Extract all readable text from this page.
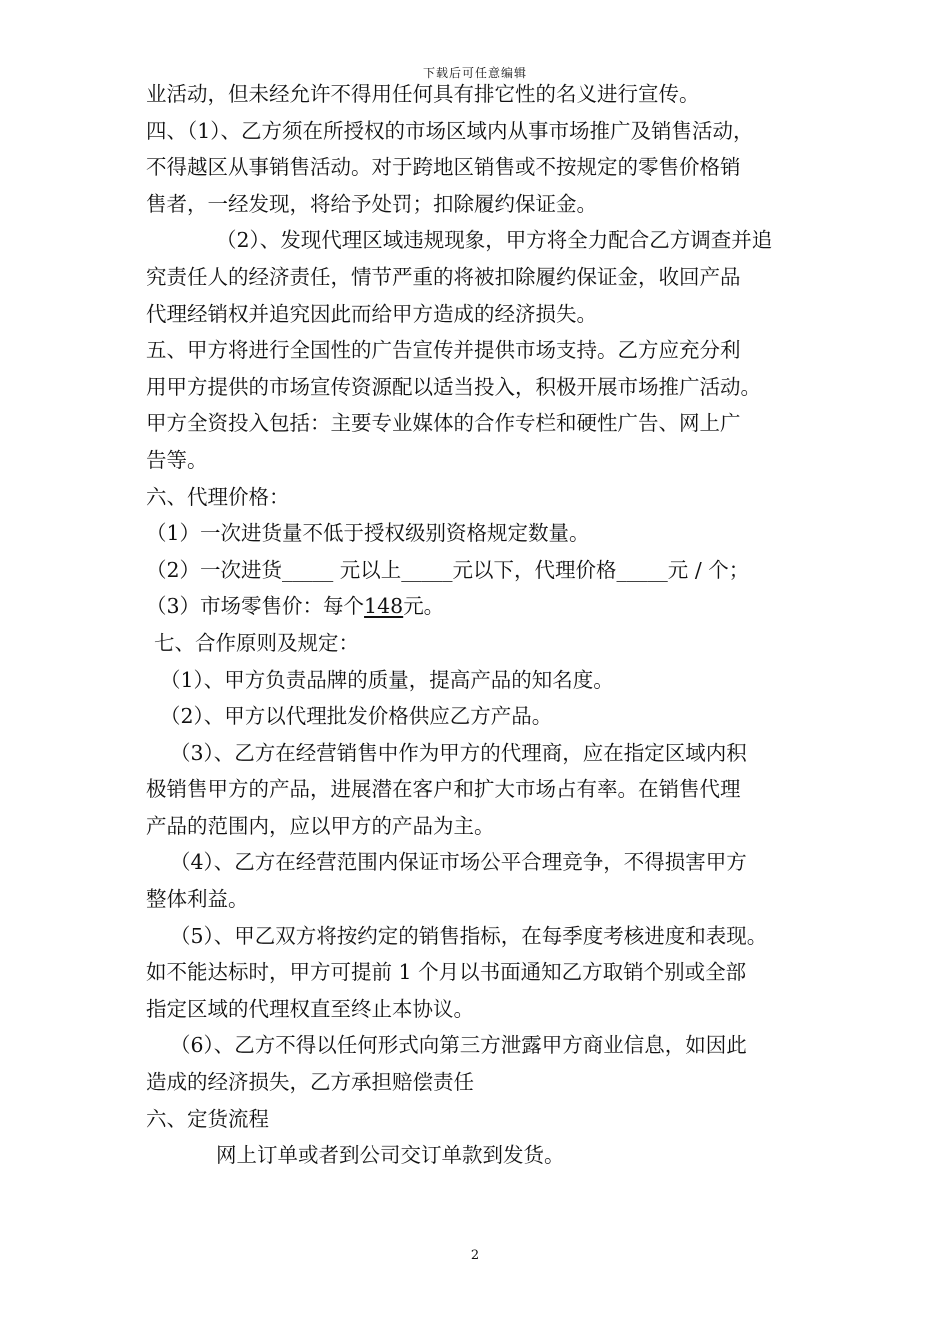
下载后可任意编辑
业活动，但未经允许不得用任何具有排它性的名义进行宣传。
四、（1）、乙方须在所授权的市场区域内从事市场推广及销售活动，
不得越区从事销售活动。对于跨地区销售或不按规定的零售价格销
售者，一经发现，将给予处罚；扣除履约保证金。
（2）、发现代理区域违规现象，甲方将全力配合乙方调查并追
究责任人的经济责任，情节严重的将被扣除履约保证金，收回产品
代理经销权并追究因此而给甲方造成的经济损失。
五、甲方将进行全国性的广告宣传并提供市场支持。乙方应充分利
用甲方提供的市场宣传资源配以适当投入，积极开展市场推广活动。
甲方全资投入包括：主要专业媒体的合作专栏和硬性广告、网上广
告等。
六、代理价格：
（1）一次进货量不低于授权级别资格规定数量。
（2）一次进货_____ 元以上_____元以下，代理价格_____元 / 个；
（3）市场零售价：每个148元。
七、合作原则及规定：
（1）、甲方负责品牌的质量，提高产品的知名度。
（2）、甲方以代理批发价格供应乙方产品。
（3）、乙方在经营销售中作为甲方的代理商，应在指定区域内积
极销售甲方的产品，进展潜在客户和扩大市场占有率。在销售代理
产品的范围内，应以甲方的产品为主。
（4）、乙方在经营范围内保证市场公平合理竞争，不得损害甲方
整体利益。
（5）、甲乙双方将按约定的销售指标，在每季度考核进度和表现。
如不能达标时，甲方可提前 1 个月以书面通知乙方取销个别或全部
指定区域的代理权直至终止本协议。
（6）、乙方不得以任何形式向第三方泄露甲方商业信息，如因此
造成的经济损失，乙方承担赔偿责任
六、定货流程
网上订单或者到公司交订单款到发货。
2
